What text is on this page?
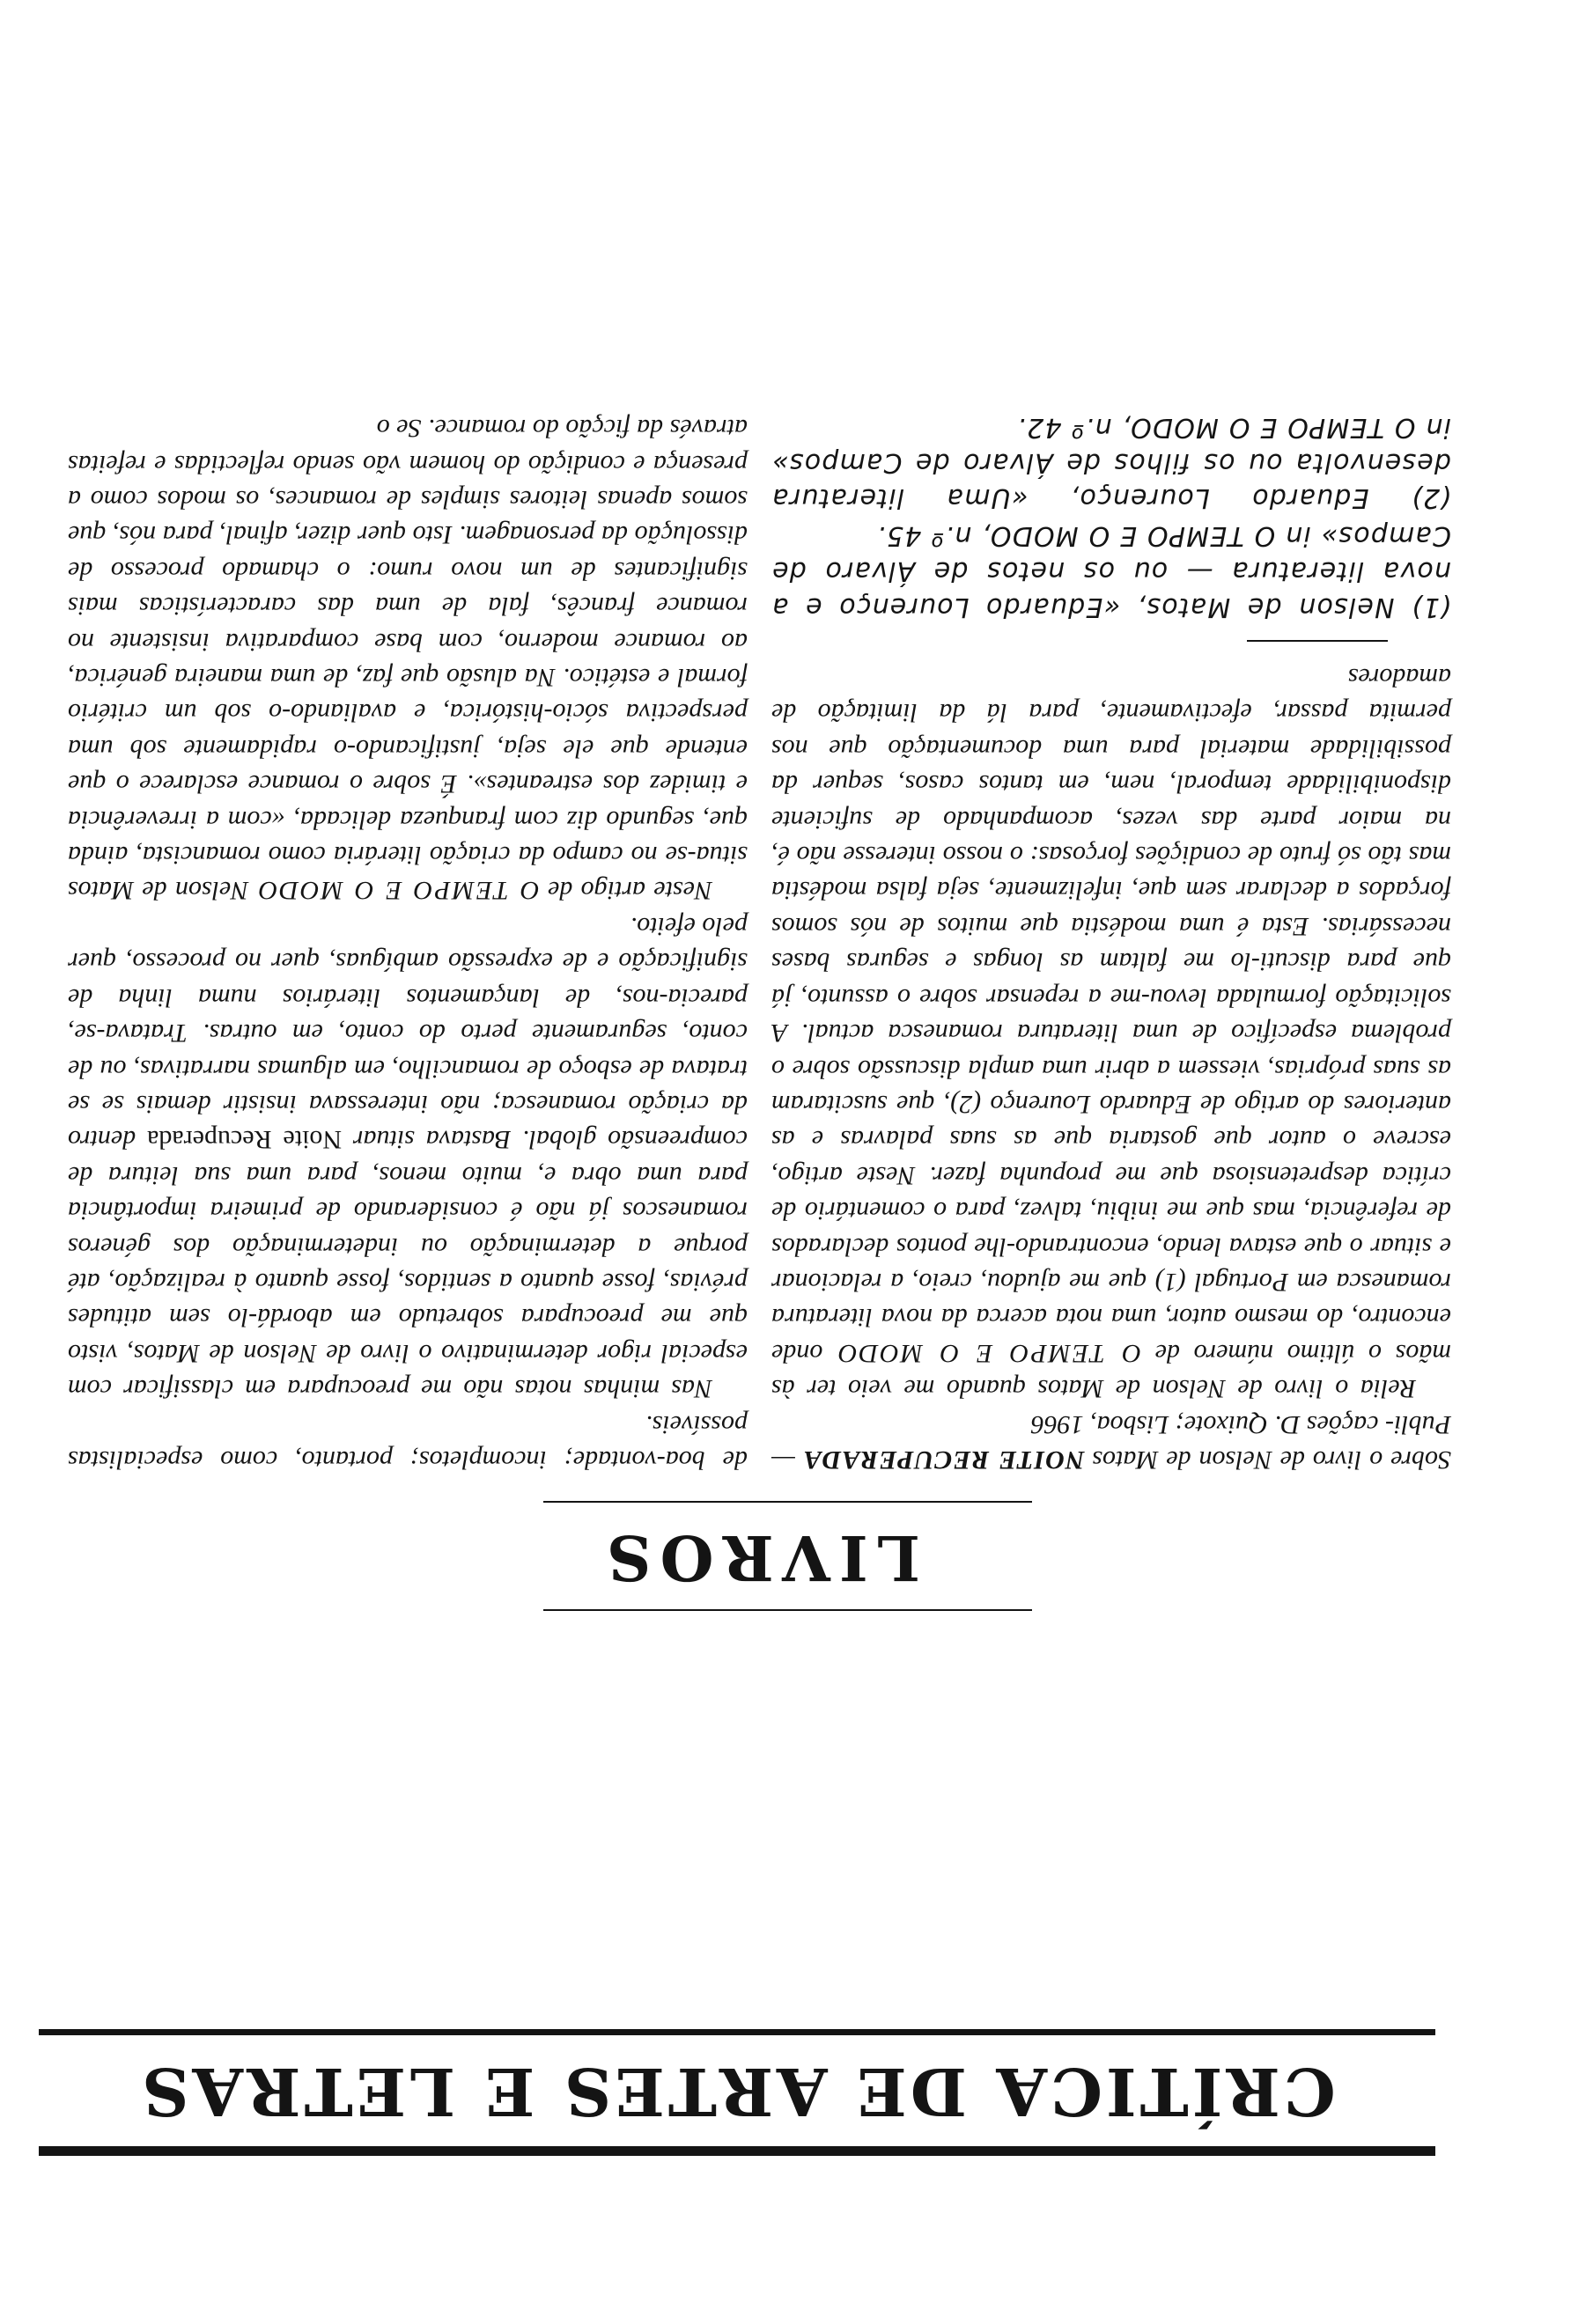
CRÍTICA DE ARTES E LETRAS
LIVROS

Sobre o livro de Nelson de Matos NOITE RECUPERADA — Publi- cações D. Quixote; Lisboa, 1966

Relia o livro de Nelson de Matos quando me veio ter às mãos o último número de O TEMPO E O MODO onde encontro, do mesmo autor, uma nota acerca da nova literatura romanesca em Portugal (1) que me ajudou, creio, a relacionar e situar o que estava lendo, encontrando-lhe pontos declarados de referência, mas que me inibiu, talvez, para o comentário de crítica despretensiosa que me propunha fazer. Neste artigo, escreve o autor que gostaria que as suas palavras e as anteriores do artigo de Eduardo Lourenço (2), que suscitaram as suas próprias, viessem a abrir uma ampla discussão sobre o problema específico de uma literatura romanesca actual. A solicitação formulada levou-me a repensar sobre o assunto, já que para discuti-lo me faltam as longas e seguras bases necessárias. Esta é uma modéstia que muitos de nós somos forçados a declarar sem que, infelizmente, seja falsa modéstia mas tão só fruto de condições forçosas: o nosso interesse não é, na maior parte das vezes, acompanhado de suficiente disponibilidade temporal, nem, em tantos casos, sequer da possibilidade material para uma documentação que nos permita passar, efectivamente, para lá da limitação de amadores

(1) Nelson de Matos, «Eduardo Lourenço e a nova literatura — ou os netos de Álvaro de Campos» in O TEMPO E O MODO, n.º 45.

(2) Eduardo Lourenço, «Uma literatura desenvolta ou os filhos de Álvaro de Campos» in O TEMPO E O MODO, n.º 42.

de boa-vontade; incompletos; portanto, como especialistas possíveis.

Nas minhas notas não me preocupara em classificar com especial rigor determinativo o livro de Nelson de Matos, visto que me preocupara sobretudo em abordá-lo sem atitudes prévias, fosse quanto a sentidos, fosse quanto à realização, até porque a determinação ou indeterminação dos géneros romanescos já não é considerando de primeira importância para uma obra e, muito menos, para uma sua leitura de compreensão global. Bastava situar Noite Recuperada dentro da criação romanesca; não interessava insistir demais se se tratava de esboço de romancilho, em algumas narrativas, ou de conto, seguramente perto do conto, em outras. Tratava-se, parecia-nos, de lançamentos literários numa linha de significação e de expressão ambíguas, quer no processo, quer pelo efeito.

Neste artigo de O TEMPO E O MODO Nelson de Matos situa-se no campo da criação literária como romancista, ainda que, segundo diz com franqueza delicada, «com a irreverência e timidez dos estreantes». É sobre o romance esclarece o que entende que ele seja, justificando-o rapidamente sob uma perspectiva sócio-histórica, e avaliando-o sob um critério formal e estético. Na alusão que faz, de uma maneira genérica, ao romance moderno, com base comparativa insistente no romance francês, fala de uma das características mais significantes de um novo rumo: o chamado processo de dissolução da personagem. Isto quer dizer, afinal, para nós, que somos apenas leitores simples de romances, os modos como a presença e condição do homem vão sendo reflectidas e refeitas através da ficção do romance. Se o
